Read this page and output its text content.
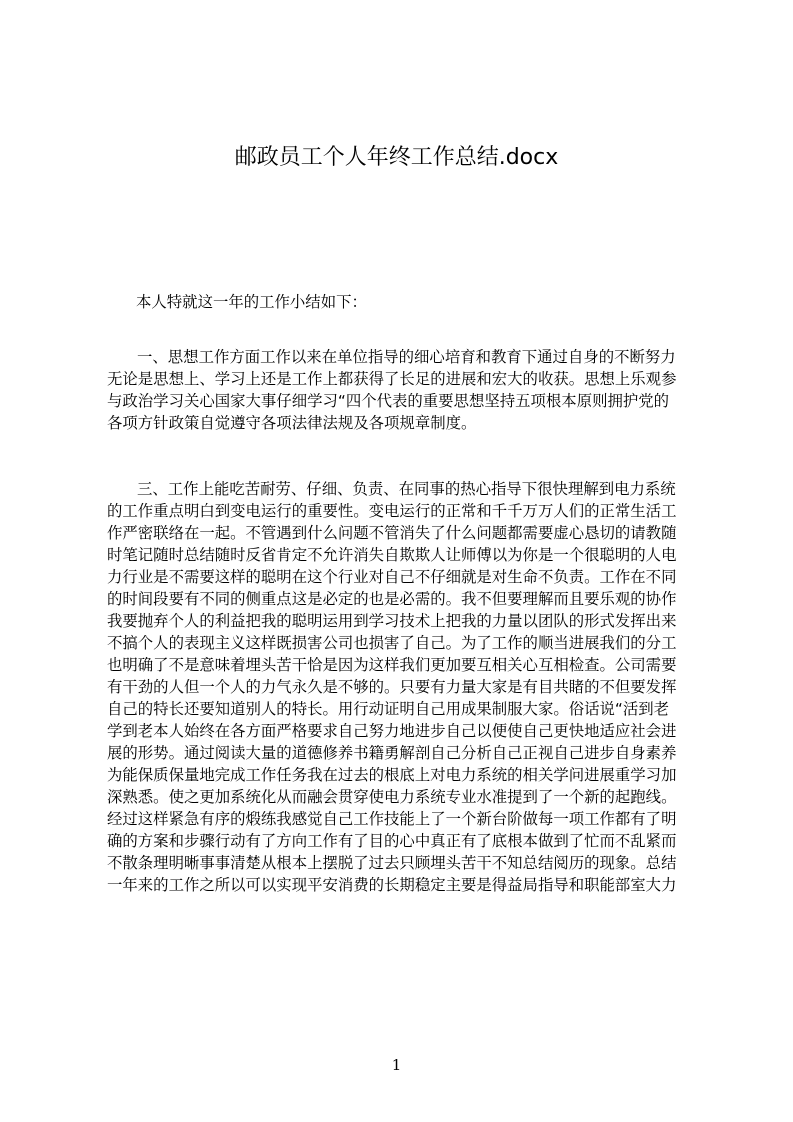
邮政员工个人年终工作总结.docx
本人特就这一年的工作小结如下：
一、思想工作方面工作以来在单位指导的细心培育和教育下通过自身的不断努力
无论是思想上、学习上还是工作上都获得了长足的进展和宏大的收获。思想上乐观参
与政治学习关心国家大事仔细学习“四个代表的重要思想坚持五项根本原则拥护党的
各项方针政策自觉遵守各项法律法规及各项规章制度。
三、工作上能吃苦耐劳、仔细、负责、在同事的热心指导下很快理解到电力系统
的工作重点明白到变电运行的重要性。变电运行的正常和千千万万人们的正常生活工
作严密联络在一起。不管遇到什么问题不管消失了什么问题都需要虚心恳切的请教随
时笔记随时总结随时反省肯定不允许消失自欺欺人让师傅以为你是一个很聪明的人电
力行业是不需要这样的聪明在这个行业对自己不仔细就是对生命不负责。工作在不同
的时间段要有不同的侧重点这是必定的也是必需的。我不但要理解而且要乐观的协作
我要抛弃个人的利益把我的聪明运用到学习技术上把我的力量以团队的形式发挥出来
不搞个人的表现主义这样既损害公司也损害了自己。为了工作的顺当进展我们的分工
也明确了不是意味着埋头苦干恰是因为这样我们更加要互相关心互相检查。公司需要
有干劲的人但一个人的力气永久是不够的。只要有力量大家是有目共睹的不但要发挥
自己的特长还要知道别人的特长。用行动证明自己用成果制服大家。俗话说“活到老
学到老本人始终在各方面严格要求自己努力地进步自己以便使自己更快地适应社会进
展的形势。通过阅读大量的道德修养书籍勇解剖自己分析自己正视自己进步自身素养
为能保质保量地完成工作任务我在过去的根底上对电力系统的相关学问进展重学习加
深熟悉。使之更加系统化从而融会贯穿使电力系统专业水准提到了一个新的起跑线。
经过这样紧急有序的煅练我感觉自己工作技能上了一个新台阶做每一项工作都有了明
确的方案和步骤行动有了方向工作有了目的心中真正有了底根本做到了忙而不乱紧而
不散条理明晰事事清楚从根本上摆脱了过去只顾埋头苦干不知总结阅历的现象。总结
一年来的工作之所以可以实现平安消费的长期稳定主要是得益局指导和职能部室大力
1
